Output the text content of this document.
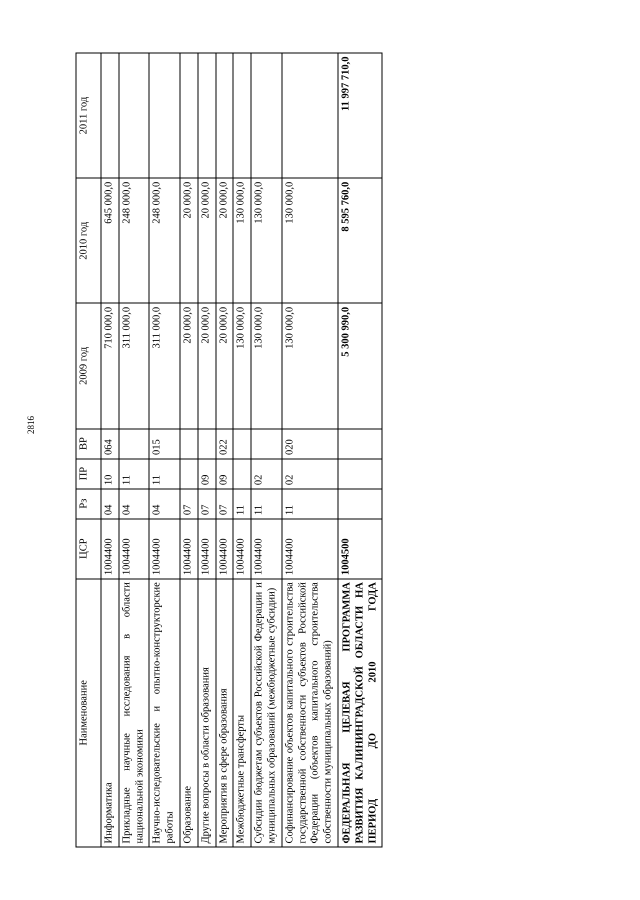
2816
Наименование	ЦСР	Рз	ПР	ВР	2009 год	2010 год	2011 год
Информатика	1004400	04	10	064	710 000,0	645 000,0	
Прикладные научные исследования в области национальной экономики	1004400	04	11		311 000,0	248 000,0	
Научно-исследовательские и опытно-конструкторские работы	1004400	04	11	015	311 000,0	248 000,0	
Образование	1004400	07			20 000,0	20 000,0	
Другие вопросы в области образования	1004400	07	09		20 000,0	20 000,0	
Мероприятия в сфере образования	1004400	07	09	022	20 000,0	20 000,0	
Межбюджетные трансферты	1004400	11			130 000,0	130 000,0	
Субсидии бюджетам субъектов Российской Федерации и муниципальных образований (межбюджетные субсидии)	1004400	11	02		130 000,0	130 000,0	
Софинансирование объектов капитального строительства государственной собственности субъектов Российской Федерации (объектов капитального строительства собственности муниципальных образований)	1004400	11	02	020	130 000,0	130 000,0	
ФЕДЕРАЛЬНАЯ ЦЕЛЕВАЯ ПРОГРАММА РАЗВИТИЯ КАЛИНИНГРАДСКОЙ ОБЛАСТИ НА ПЕРИОД ДО 2010 ГОДА	1004500				5 300 990,0	8 595 760,0	11 997 710,0
